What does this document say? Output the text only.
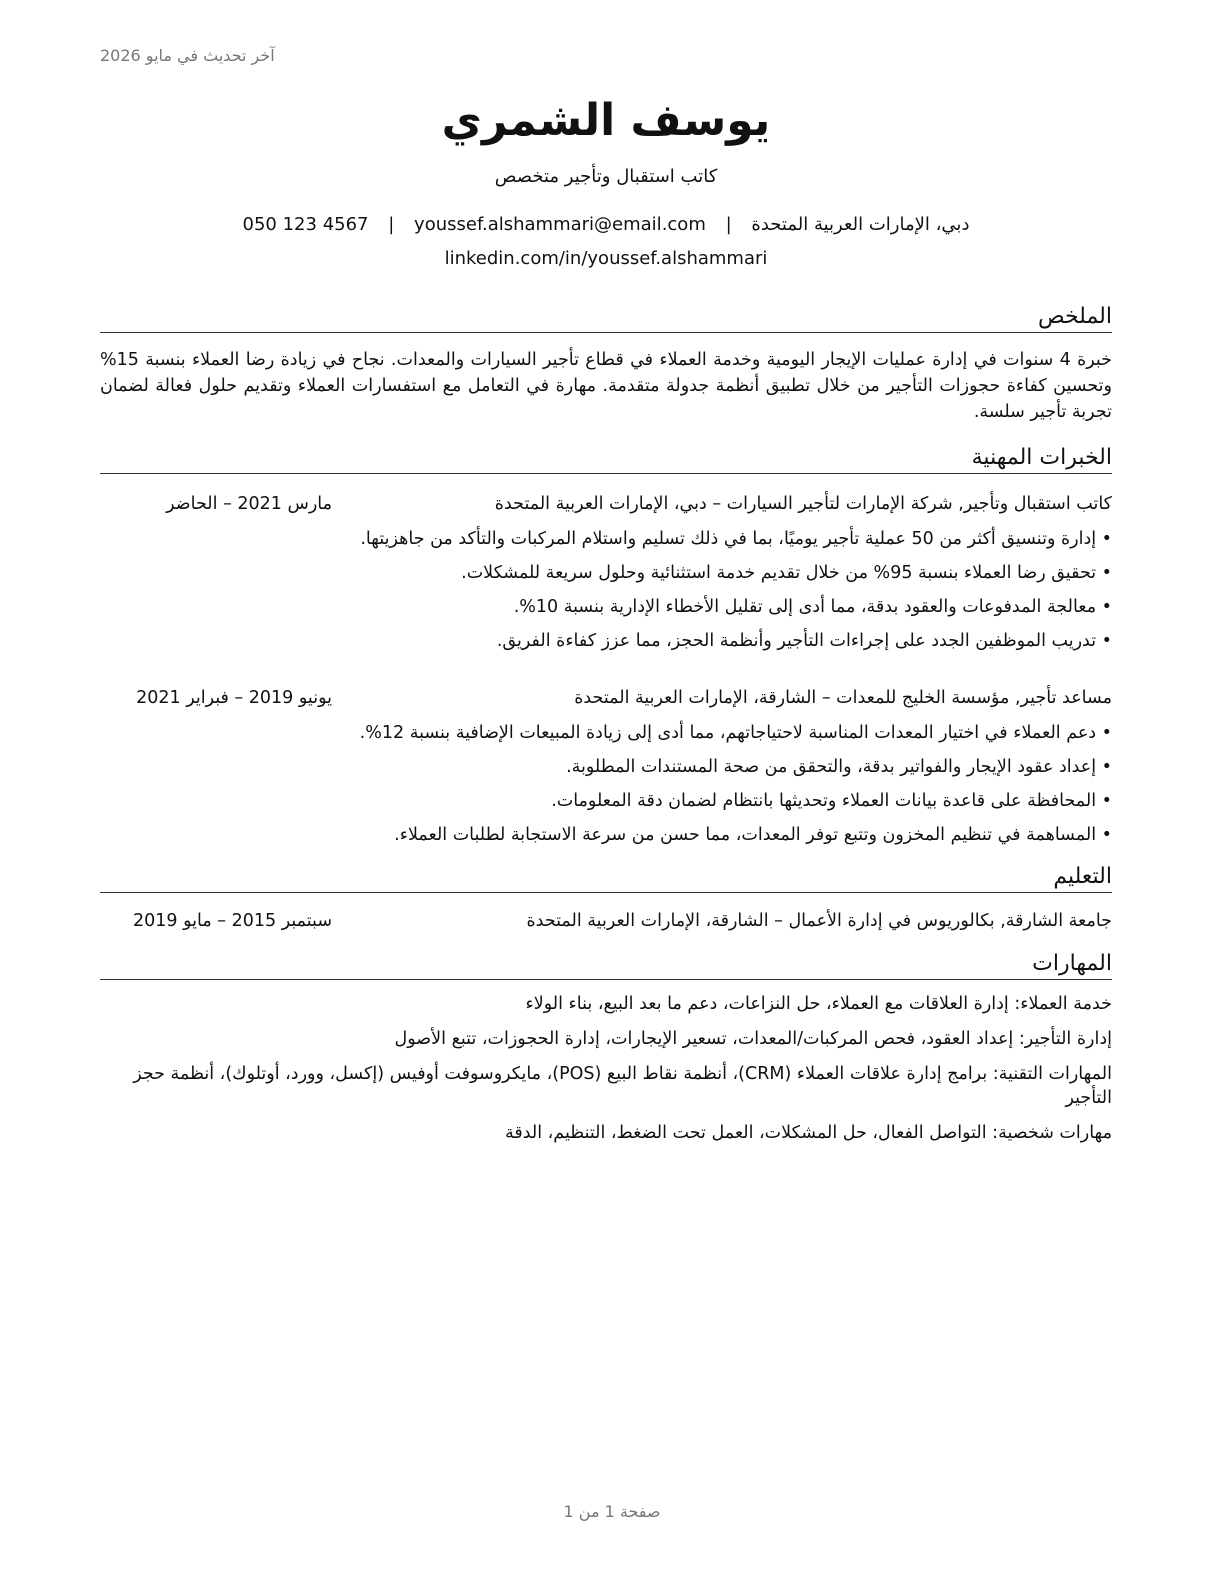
آخر تحديث في مايو 2026
يوسف الشمري
كاتب استقبال وتأجير متخصص
دبي، الإمارات العربية المتحدة | youssef.alshammari@email.com | 050 123 4567
linkedin.com/in/youssef.alshammari
الملخص
خبرة 4 سنوات في إدارة عمليات الإيجار اليومية وخدمة العملاء في قطاع تأجير السيارات والمعدات. نجاح في زيادة رضا العملاء بنسبة 15% وتحسين كفاءة حجوزات التأجير من خلال تطبيق أنظمة جدولة متقدمة. مهارة في التعامل مع استفسارات العملاء وتقديم حلول فعالة لضمان تجربة تأجير سلسة.
الخبرات المهنية
كاتب استقبال وتأجير, شركة الإمارات لتأجير السيارات – دبي، الإمارات العربية المتحدة
مارس 2021 – الحاضر
• إدارة وتنسيق أكثر من 50 عملية تأجير يوميًا، بما في ذلك تسليم واستلام المركبات والتأكد من جاهزيتها.
• تحقيق رضا العملاء بنسبة 95% من خلال تقديم خدمة استثنائية وحلول سريعة للمشكلات.
• معالجة المدفوعات والعقود بدقة، مما أدى إلى تقليل الأخطاء الإدارية بنسبة 10%.
• تدريب الموظفين الجدد على إجراءات التأجير وأنظمة الحجز، مما عزز كفاءة الفريق.
مساعد تأجير, مؤسسة الخليج للمعدات – الشارقة، الإمارات العربية المتحدة
يونيو 2019 – فبراير 2021
• دعم العملاء في اختيار المعدات المناسبة لاحتياجاتهم، مما أدى إلى زيادة المبيعات الإضافية بنسبة 12%.
• إعداد عقود الإيجار والفواتير بدقة، والتحقق من صحة المستندات المطلوبة.
• المحافظة على قاعدة بيانات العملاء وتحديثها بانتظام لضمان دقة المعلومات.
• المساهمة في تنظيم المخزون وتتبع توفر المعدات، مما حسن من سرعة الاستجابة لطلبات العملاء.
التعليم
جامعة الشارقة, بكالوريوس في إدارة الأعمال – الشارقة، الإمارات العربية المتحدة
سبتمبر 2015 – مايو 2019
المهارات
خدمة العملاء: إدارة العلاقات مع العملاء، حل النزاعات، دعم ما بعد البيع، بناء الولاء
إدارة التأجير: إعداد العقود، فحص المركبات/المعدات، تسعير الإيجارات، إدارة الحجوزات، تتبع الأصول
المهارات التقنية: برامج إدارة علاقات العملاء (CRM)، أنظمة نقاط البيع (POS)، مايكروسوفت أوفيس (إكسل، وورد، أوتلوك)، أنظمة حجز التأجير
مهارات شخصية: التواصل الفعال، حل المشكلات، العمل تحت الضغط، التنظيم، الدقة
صفحة 1 من 1
